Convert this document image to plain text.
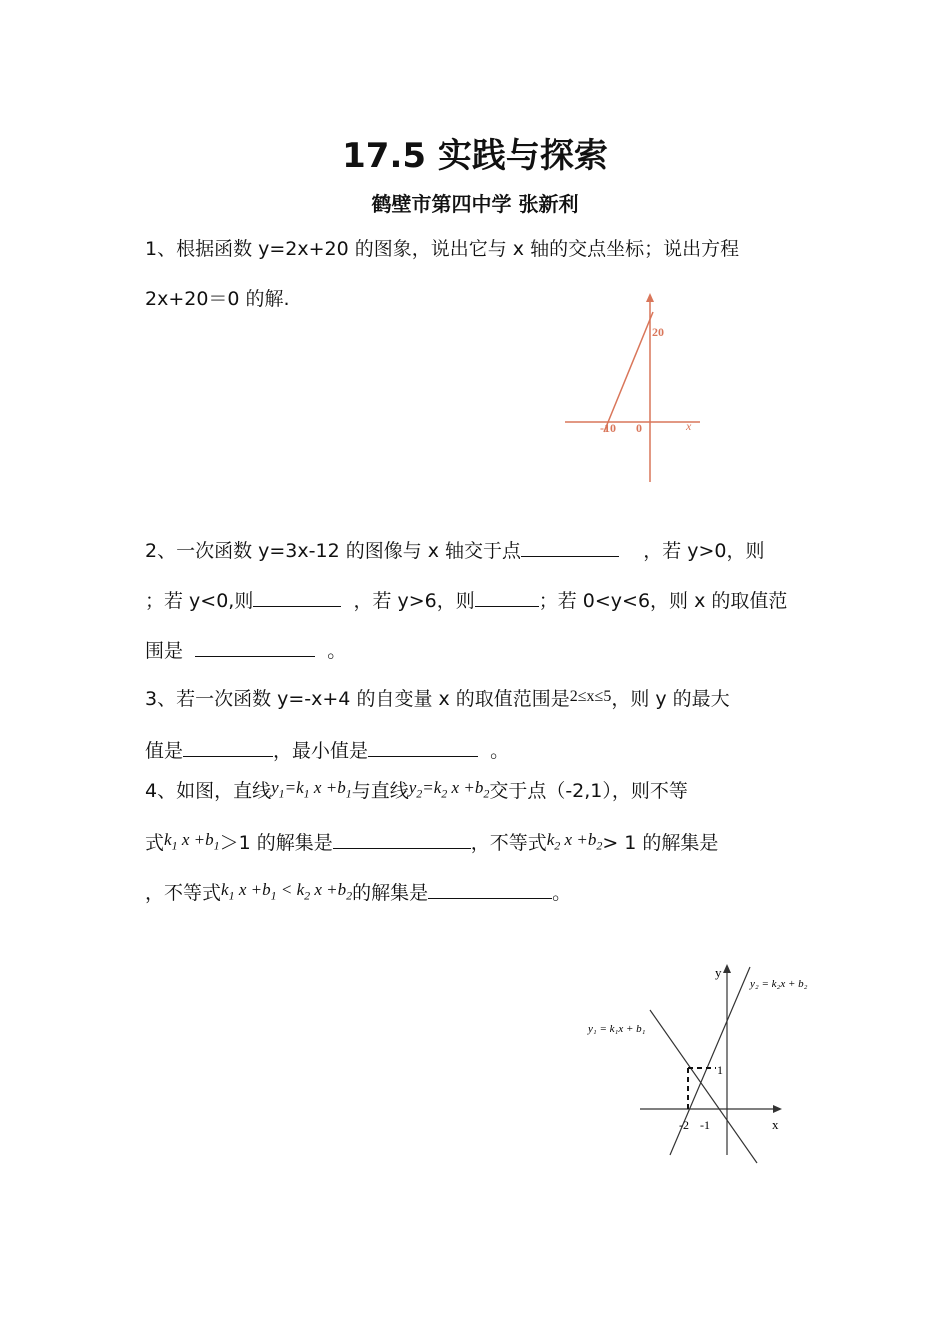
17.5 实践与探索
鹤壁市第四中学 张新利
1、根据函数 y=2x+20 的图象，说出它与 x 轴的交点坐标；说出方程
2x+20＝0 的解.
20
-10 0	x
2、一次函数 y=3x-12 的图像与 x 轴交于点	，若 y>0，则
；若 y<0,则	，若 y>6，则	；若 0<y<6，则 x 的取值范
围是	。
3、若一次函数 y=-x+4 的自变量 x 的取值范围是$^{2\le x\le 5}$，则 y 的最大
值是	，最小值是	。
4、如图，直线$y_1=k_1$ $x +b_1$与直线$y_2=k_2$ $x +b_2$交于点（-2,1），则不等
式$k_1$ $x +b_1>1$ 的解集是	，不等式$k_2$ $x +b_2> 1$ 的解集是
，不等式$k_1$ $x +b_1 < k_2$ $x +b_2$的解集是	。
y
x
-2 -1
1
y₂ = k₂x + b₂
y₁ = k₁x + b₁
